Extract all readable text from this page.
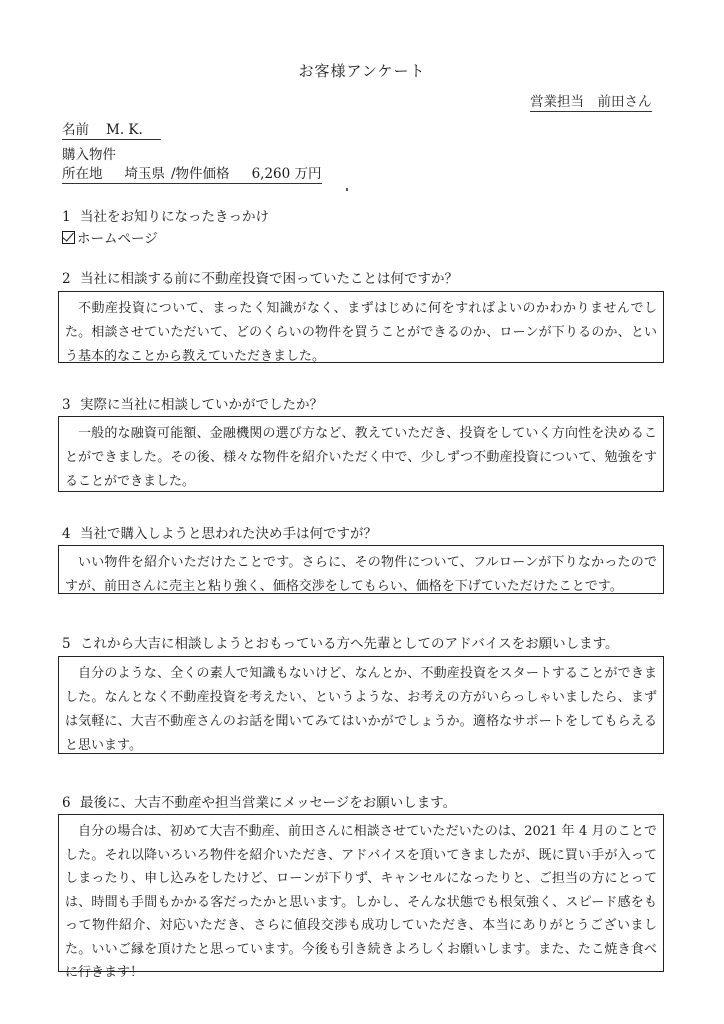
お客様アンケート
営業担当　前田さん
名前 M. K.
購入物件
所在地 埼玉県 /物件価格 6,260 万円
1 当社をお知りになったきっかけ
ホームページ
2 当社に相談する前に不動産投資で困っていたことは何ですか？

不動産投資について、まったく知識がなく、まずはじめに何をすればよいのかわかりませんでした。相談させていただいて、どのくらいの物件を買うことができるのか、ローンが下りるのか、という基本的なことから教えていただきました。

3 実際に当社に相談していかがでしたか？

一般的な融資可能額、金融機関の選び方など、教えていただき、投資をしていく方向性を決めることができました。その後、様々な物件を紹介いただく中で、少しずつ不動産投資について、勉強をすることができました。

4 当社で購入しようと思われた決め手は何ですが？

いい物件を紹介いただけたことです。さらに、その物件について、フルローンが下りなかったのですが、前田さんに売主と粘り強く、価格交渉をしてもらい、価格を下げていただけたことです。

5 これから大吉に相談しようとおもっている方へ先輩としてのアドバイスをお願いします。

自分のような、全くの素人で知識もないけど、なんとか、不動産投資をスタートすることができました。なんとなく不動産投資を考えたい、というような、お考えの方がいらっしゃいましたら、まずは気軽に、大吉不動産さんのお話を聞いてみてはいかがでしょうか。適格なサポートをしてもらえると思います。

6 最後に、大吉不動産や担当営業にメッセージをお願いします。

自分の場合は、初めて大吉不動産、前田さんに相談させていただいたのは、2021 年 4 月のことでした。それ以降いろいろ物件を紹介いただき、アドバイスを頂いてきましたが、既に買い手が入ってしまったり、申し込みをしたけど、ローンが下りず、キャンセルになったりと、ご担当の方にとっては、時間も手間もかかる客だったかと思います。しかし、そんな状態でも根気強く、スピード感をもって物件紹介、対応いただき、さらに値段交渉も成功していただき、本当にありがとうございました。いいご縁を頂けたと思っています。今後も引き続きよろしくお願いします。また、たこ焼き食べに行きます！
